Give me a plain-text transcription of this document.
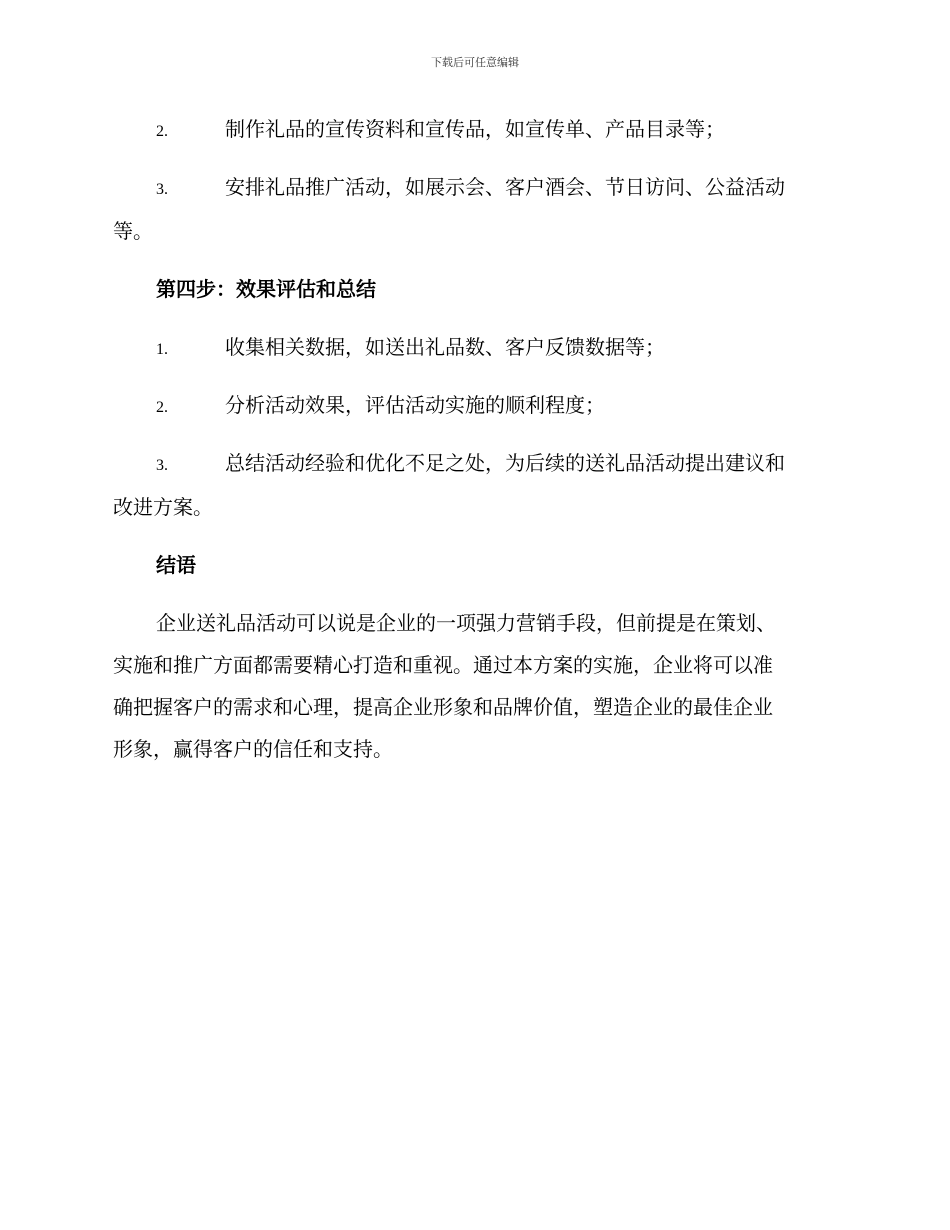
下载后可任意编辑
2.	制作礼品的宣传资料和宣传品，如宣传单、产品目录等；
3.	安排礼品推广活动，如展示会、客户酒会、节日访问、公益活动
等。
第四步：效果评估和总结
1.	收集相关数据，如送出礼品数、客户反馈数据等；
2.	分析活动效果，评估活动实施的顺利程度；
3.	总结活动经验和优化不足之处，为后续的送礼品活动提出建议和
改进方案。
结语
企业送礼品活动可以说是企业的一项强力营销手段，但前提是在策划、
实施和推广方面都需要精心打造和重视。通过本方案的实施，企业将可以准
确把握客户的需求和心理，提高企业形象和品牌价值，塑造企业的最佳企业
形象，赢得客户的信任和支持。
